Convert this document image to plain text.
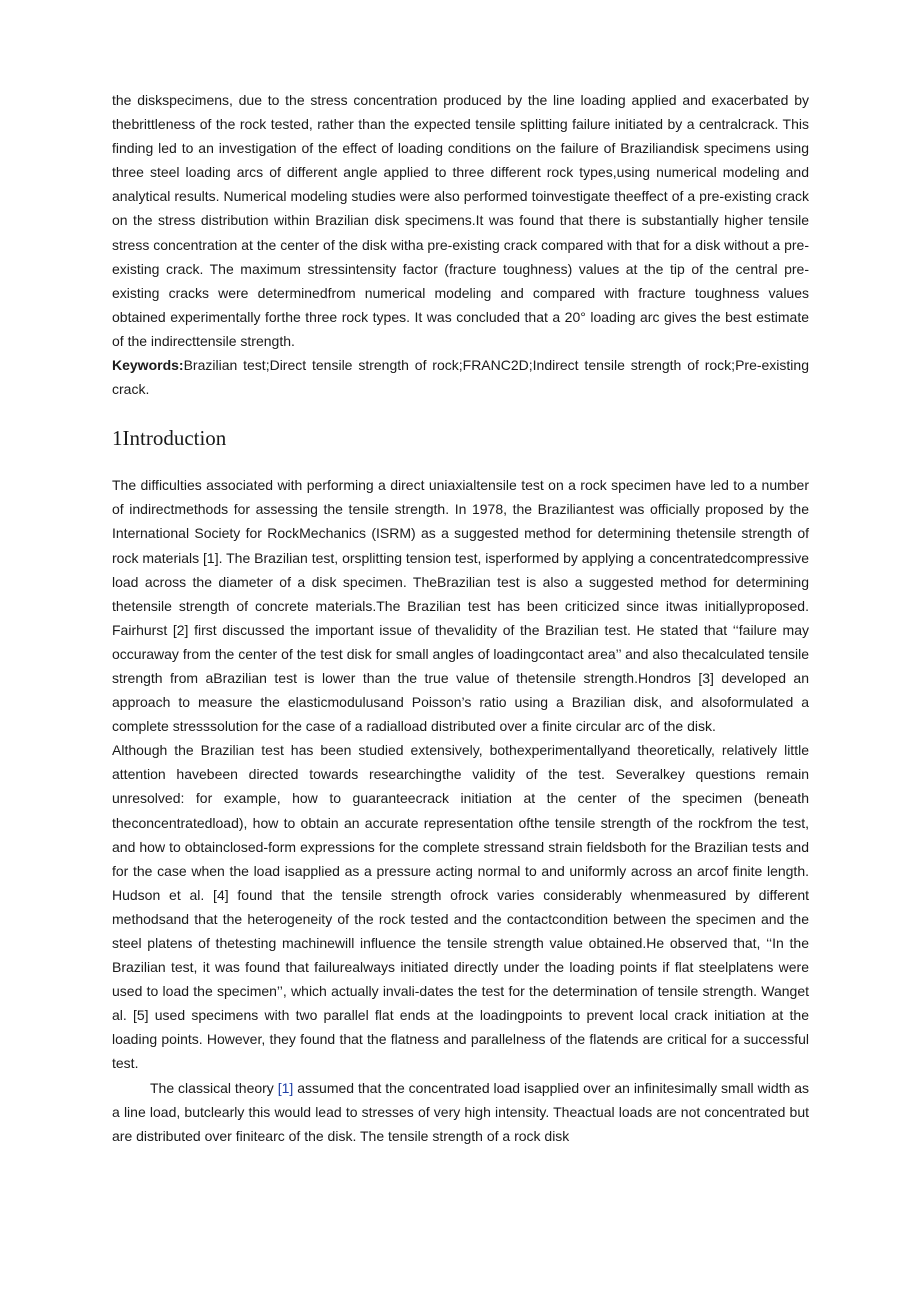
the diskspecimens, due to the stress concentration produced by the line loading applied and exacerbated by thebrittleness of the rock tested, rather than the expected tensile splitting failure initiated by a centralcrack. This finding led to an investigation of the effect of loading conditions on the failure of Braziliandisk specimens using three steel loading arcs of different angle applied to three different rock types,using numerical modeling and analytical results. Numerical modeling studies were also performed toinvestigate theeffect of a pre-existing crack on the stress distribution within Brazilian disk specimens.It was found that there is substantially higher tensile stress concentration at the center of the disk witha pre-existing crack compared with that for a disk without a pre-existing crack. The maximum stressintensity factor (fracture toughness) values at the tip of the central pre-existing cracks were determinedfrom numerical modeling and compared with fracture toughness values obtained experimentally forthe three rock types. It was concluded that a 20° loading arc gives the best estimate of the indirecttensile strength.

Keywords:Brazilian test;Direct tensile strength of rock;FRANC2D;Indirect tensile strength of rock;Pre-existing crack.

1Introduction

The difficulties associated with performing a direct uniaxialtensile test on a rock specimen have led to a number of indirectmethods for assessing the tensile strength. In 1978, the Braziliantest was officially proposed by the International Society for RockMechanics (ISRM) as a suggested method for determining thetensile strength of rock materials [1]. The Brazilian test, orsplitting tension test, isperformed by applying a concentratedcompressive load across the diameter of a disk specimen. TheBrazilian test is also a suggested method for determining thetensile strength of concrete materials.The Brazilian test has been criticized since itwas initiallyproposed. Fairhurst [2] first discussed the important issue of thevalidity of the Brazilian test. He stated that ‘‘failure may occuraway from the center of the test disk for small angles of loadingcontact area’’ and also thecalculated tensile strength from aBrazilian test is lower than the true value of thetensile strength.Hondros [3] developed an approach to measure the elasticmodulusand Poisson’s ratio using a Brazilian disk, and alsoformulated a complete stresssolution for the case of a radialload distributed over a finite circular arc of the disk.

Although the Brazilian test has been studied extensively, bothexperimentallyand theoretically, relatively little attention havebeen directed towards researchingthe validity of the test. Severalkey questions remain unresolved: for example, how to guaranteecrack initiation at the center of the specimen (beneath theconcentratedload), how to obtain an accurate representation ofthe tensile strength of the rockfrom the test, and how to obtainclosed-form expressions for the complete stressand strain fieldsboth for the Brazilian tests and for the case when the load isapplied as a pressure acting normal to and uniformly across an arcof finite length. Hudson et al. [4] found that the tensile strength ofrock varies considerably whenmeasured by different methodsand that the heterogeneity of the rock tested and the contactcondition between the specimen and the steel platens of thetesting machinewill influence the tensile strength value obtained.He observed that, ‘‘In the Brazilian test, it was found that failurealways initiated directly under the loading points if flat steelplatens were used to load the specimen’’, which actually invali-dates the test for the determination of tensile strength. Wanget al. [5] used specimens with two parallel flat ends at the loadingpoints to prevent local crack initiation at the loading points. However, they found that the flatness and parallelness of the flatends are critical for a successful test.

The classical theory [1] assumed that the concentrated load isapplied over an infinitesimally small width as a line load, butclearly this would lead to stresses of very high intensity. Theactual loads are not concentrated but are distributed over finitearc of the disk. The tensile strength of a rock disk
